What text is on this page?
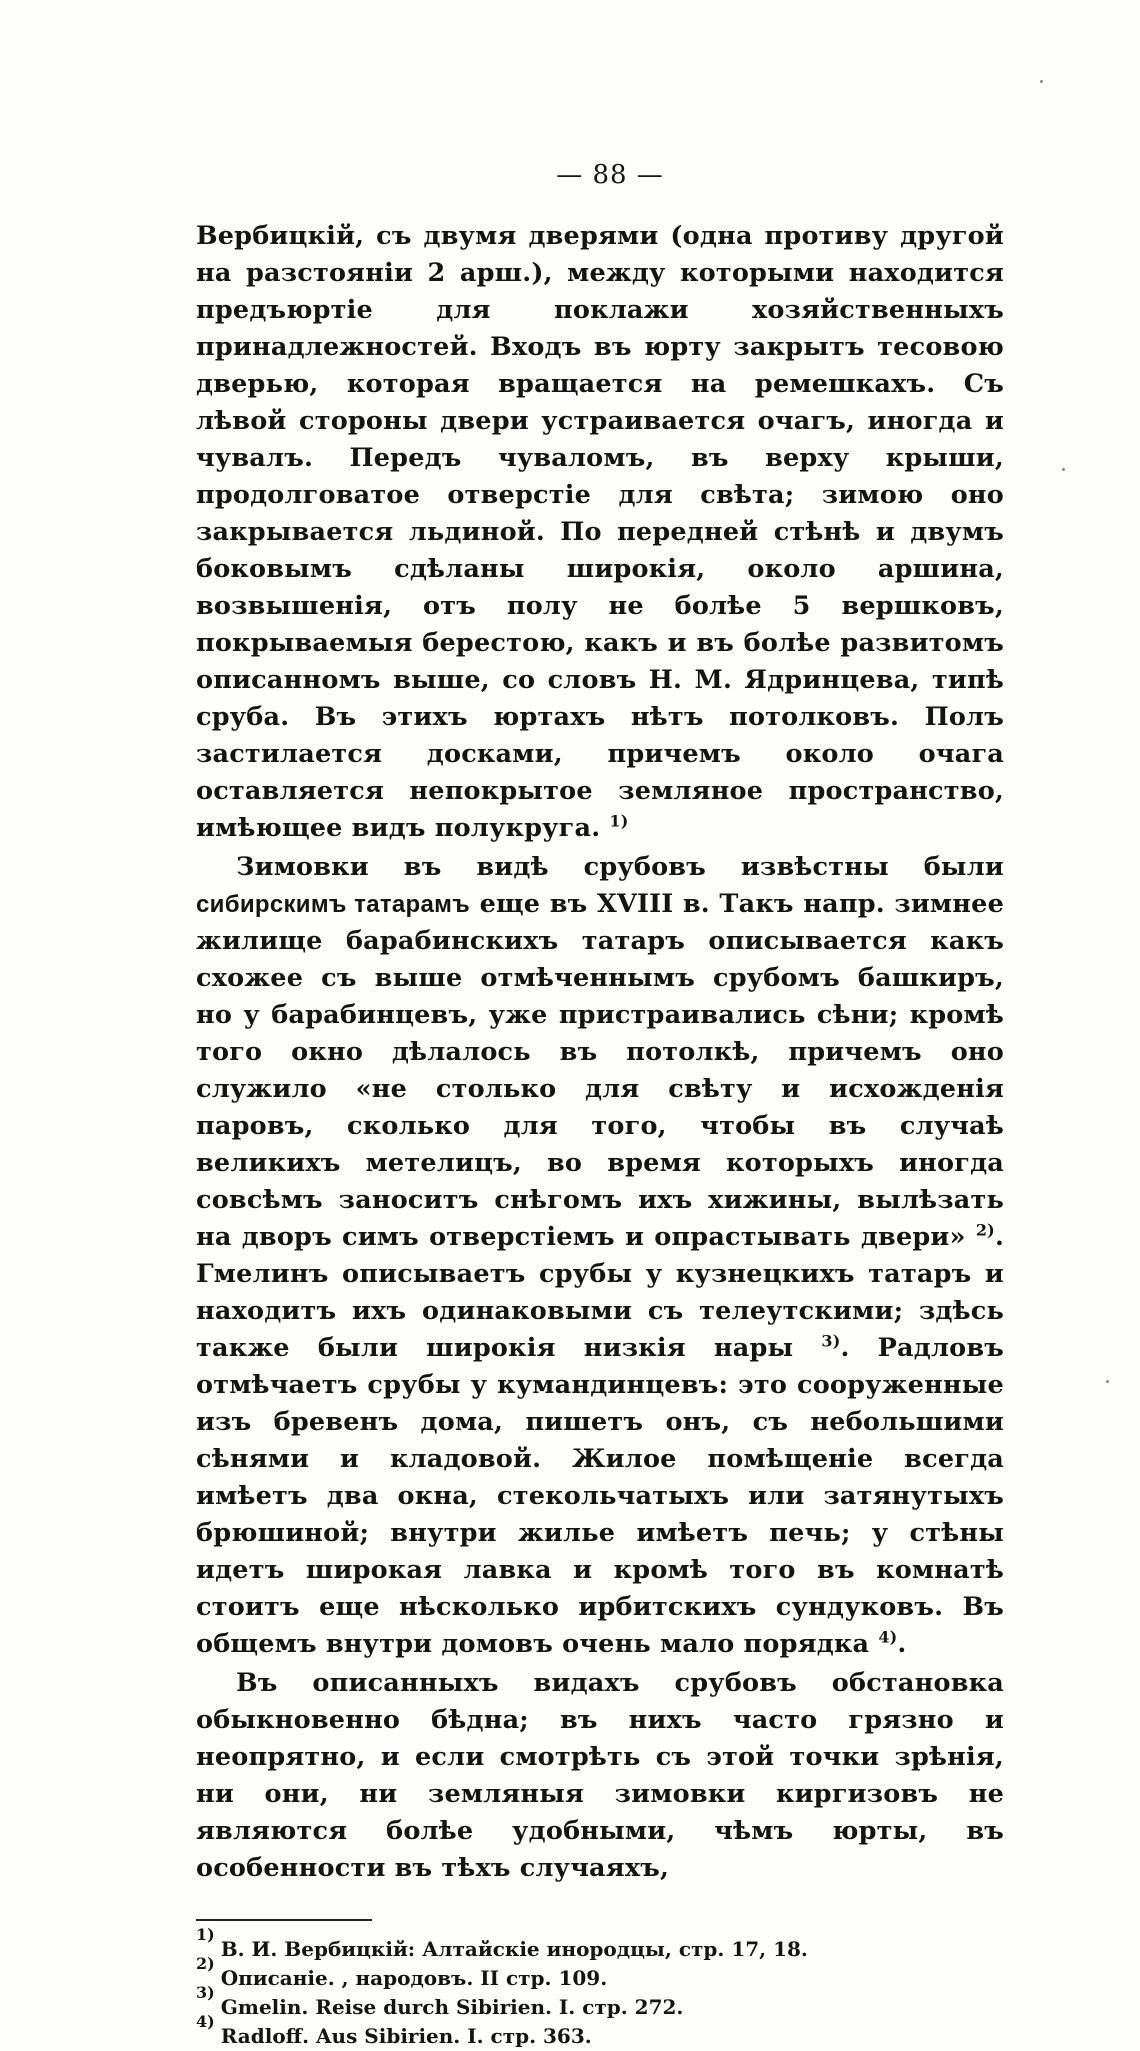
— 88 —

Вербицкій, съ двумя дверями (одна противу другой на разстояніи 2 арш.), между которыми находится предъюртіе для поклажи хозяйственныхъ принадлежностей. Входъ въ юрту закрытъ тесовою дверью, которая вращается на ремешкахъ. Съ лѣвой стороны двери устраивается очагъ, иногда и чувалъ. Передъ чуваломъ, въ верху крыши, продолговатое отверстіе для свѣта; зимою оно закрывается льдиной. По передней стѣнѣ и двумъ боковымъ сдѣланы широкія, около аршина, возвышенія, отъ полу не болѣе 5 вершковъ, покрываемыя берестою, какъ и въ болѣе развитомъ описанномъ выше, со словъ Н. М. Ядринцева, типѣ сруба. Въ этихъ юртахъ нѣтъ потолковъ. Полъ застилается досками, причемъ около очага оставляется непокрытое земляное пространство, имѣющее видъ полукруга. $^{1)}$

Зимовки въ видѣ срубовъ извѣстны были сибирскимъ татарамъ еще въ XVIII в. Такъ напр. зимнее жилище барабинскихъ татаръ описывается какъ схожее съ выше отмѣченнымъ срубомъ башкиръ, но у барабинцевъ, уже пристраивались сѣни; кромѣ того окно дѣлалось въ потолкѣ, причемъ оно служило «не столько для свѣту и исхожденія паровъ, сколько для того, чтобы въ случаѣ великихъ метелицъ, во время которыхъ иногда совсѣмъ заноситъ снѣгомъ ихъ хижины, вылѣзать на дворъ симъ отверстіемъ и опрастывать двери» $^{2)}$. Гмелинъ описываетъ срубы у кузнецкихъ татаръ и находитъ ихъ одинаковыми съ телеутскими; здѣсь также были широкія низкія нары $^{3)}$. Радловъ отмѣчаетъ срубы у кумандинцевъ: это сооруженные изъ бревенъ дома, пишетъ онъ, съ небольшими сѣнями и кладовой. Жилое помѣщеніе всегда имѣетъ два окна, стекольчатыхъ или затянутыхъ брюшиной; внутри жилье имѣетъ печь; у стѣны идетъ широкая лавка и кромѣ того въ комнатѣ стоитъ еще нѣсколько ирбитскихъ сундуковъ. Въ общемъ внутри домовъ очень мало порядка $^{4)}$.

Въ описанныхъ видахъ срубовъ обстановка обыкновенно бѣдна; въ нихъ часто грязно и неопрятно, и если смотрѣть съ этой точки зрѣнія, ни они, ни земляныя зимовки киргизовъ не являются болѣе удобными, чѣмъ юрты, въ особенности въ тѣхъ случаяхъ,

1)
В. И. Вербицкій: Алтайскіе инородцы, стр. 17, 18.
2)
Описаніе. , народовъ. II стр. 109.
3)
Gmelin. Reise durch Sibirien. I. стр. 272.
4)
Radloff. Aus Sibirien. I. стр. 363.
